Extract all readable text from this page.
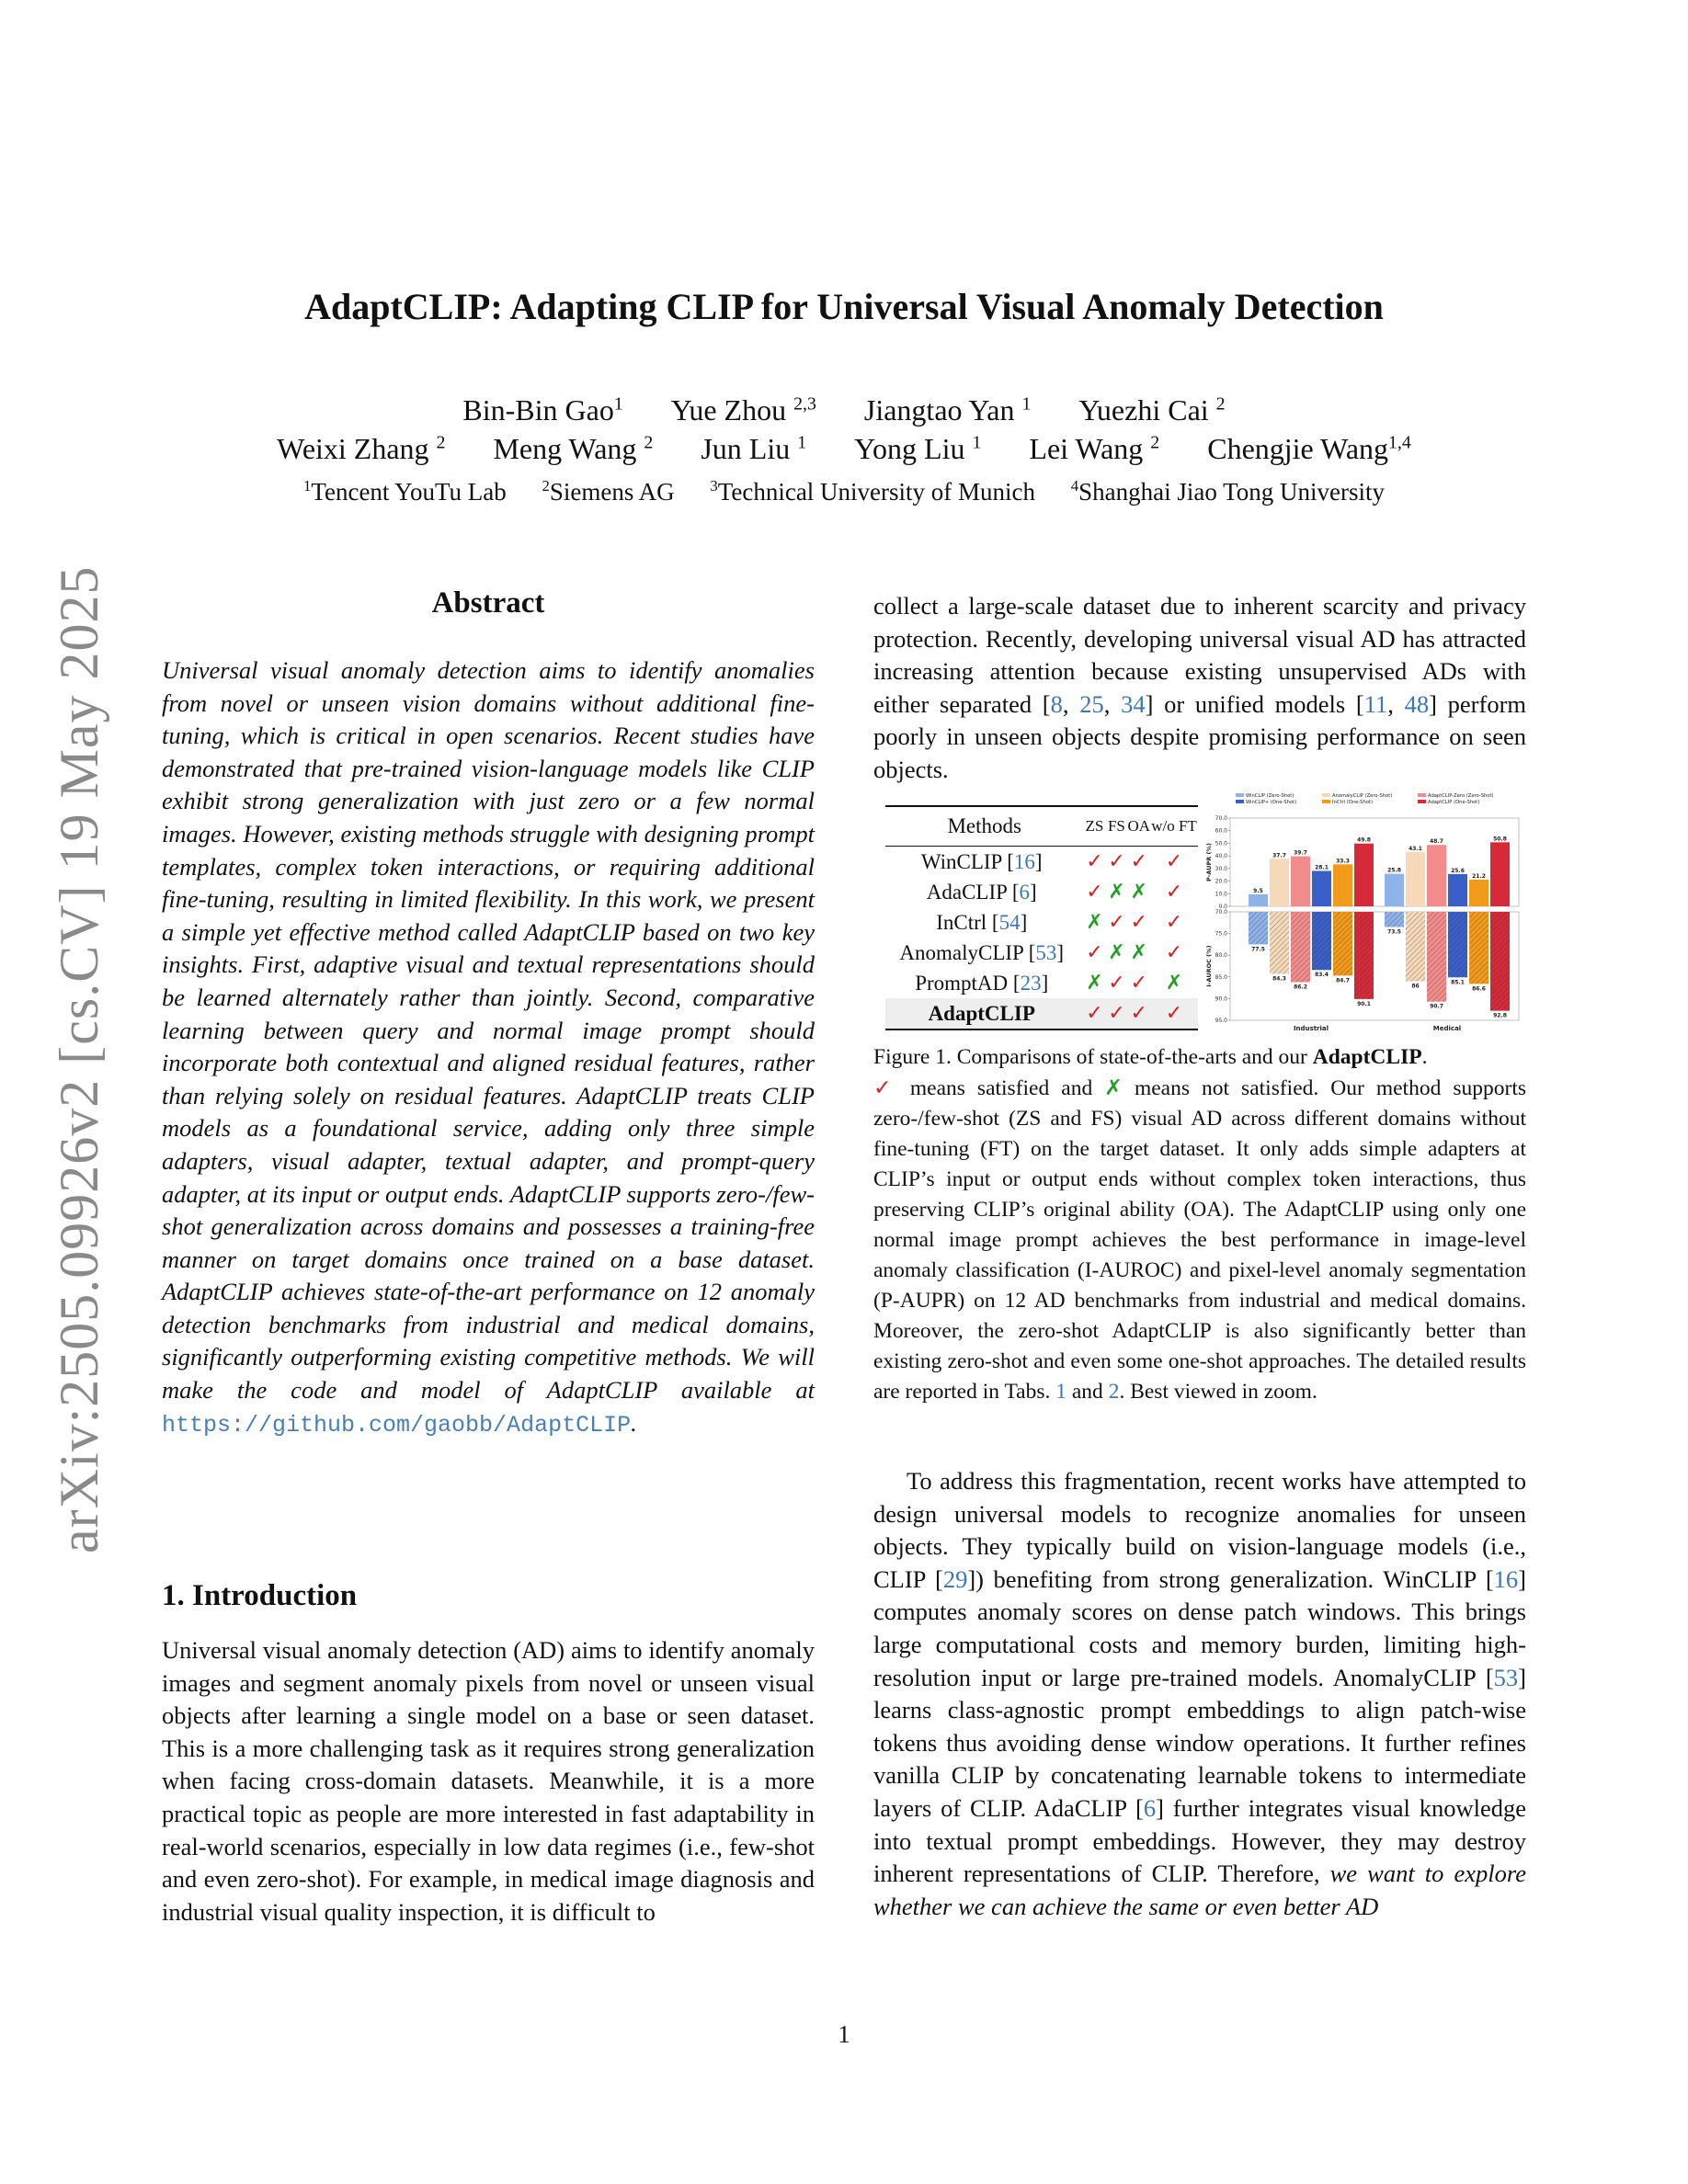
arXiv:2505.09926v2 [cs.CV] 19 May 2025
AdaptCLIP: Adapting CLIP for Universal Visual Anomaly Detection
Bin-Bin Gao$^1$ Yue Zhou $^{2,3}$ Jiangtao Yan $^1$ Yuezhi Cai $^2$
Weixi Zhang $^2$ Meng Wang $^2$ Jun Liu $^1$ Yong Liu $^1$ Lei Wang $^2$ Chengjie Wang$^{1,4}$
$^1$Tencent YouTu Lab $^2$Siemens AG $^3$Technical University of Munich $^4$Shanghai Jiao Tong University
Abstract

Universal visual anomaly detection aims to identify anomalies from novel or unseen vision domains without additional fine-tuning, which is critical in open scenarios. Recent studies have demonstrated that pre-trained vision-language models like CLIP exhibit strong generalization with just zero or a few normal images. However, existing methods struggle with designing prompt templates, complex token interactions, or requiring additional fine-tuning, resulting in limited flexibility. In this work, we present a simple yet effective method called AdaptCLIP based on two key insights. First, adaptive visual and textual representations should be learned alternately rather than jointly. Second, comparative learning between query and normal image prompt should incorporate both contextual and aligned residual features, rather than relying solely on residual features. AdaptCLIP treats CLIP models as a foundational service, adding only three simple adapters, visual adapter, textual adapter, and prompt-query adapter, at its input or output ends. AdaptCLIP supports zero-/few-shot generalization across domains and possesses a training-free manner on target domains once trained on a base dataset. AdaptCLIP achieves state-of-the-art performance on 12 anomaly detection benchmarks from industrial and medical domains, significantly outperforming existing competitive methods. We will make the code and model of AdaptCLIP available at https://github.com/gaobb/AdaptCLIP.

1. Introduction

Universal visual anomaly detection (AD) aims to identify anomaly images and segment anomaly pixels from novel or unseen visual objects after learning a single model on a base or seen dataset. This is a more challenging task as it requires strong generalization when facing cross-domain datasets. Meanwhile, it is a more practical topic as people are more interested in fast adaptability in real-world scenarios, especially in low data regimes (i.e., few-shot and even zero-shot). For example, in medical image diagnosis and industrial visual quality inspection, it is difficult to

collect a large-scale dataset due to inherent scarcity and privacy protection. Recently, developing universal visual AD has attracted increasing attention because existing unsupervised ADs with either separated [8, 25, 34] or unified models [11, 48] perform poorly in unseen objects despite promising performance on seen objects.

Methods	ZS	FS	OA	w/o FT
WinCLIP [16]	✓	✓	✓	✓
AdaCLIP [6]	✓	✗	✗	✓
InCtrl [54]	✗	✓	✓	✓
AnomalyCLIP [53]	✓	✗	✗	✓
PromptAD [23]	✗	✓	✓	✗
AdaptCLIP	✓	✓	✓	✓
WinCLIP (Zero-Shot)	AnomalyCLIP (Zero-Shot)	AdaptCLIP-Zero (Zero-Shot)
WinCLIP+ (One-Shot)	InCtrl (One-Shot)	AdaptCLIP (One-Shot)
0.0
10.0
20.0
30.0
40.0
50.0
60.0
70.0
P-AUPR (%)
70.0
75.0
80.0
85.0
90.0
95.0
I-AUROC (%)
9.5
37.7 39.7
28.1
33.3
49.8
77.5
84.3
86.2
83.4
84.7
90.1
Industrial
25.8
43.1
48.7
25.6
21.2
50.8
73.5
86
90.7
85.1
86.6
92.8
Medical

Figure 1. Comparisons of state-of-the-arts and our AdaptCLIP.
✓ means satisfied and ✗ means not satisfied. Our method supports zero-/few-shot (ZS and FS) visual AD across different domains without fine-tuning (FT) on the target dataset. It only adds simple adapters at CLIP’s input or output ends without complex token interactions, thus preserving CLIP’s original ability (OA). The AdaptCLIP using only one normal image prompt achieves the best performance in image-level anomaly classification (I-AUROC) and pixel-level anomaly segmentation (P-AUPR) on 12 AD benchmarks from industrial and medical domains. Moreover, the zero-shot AdaptCLIP is also significantly better than existing zero-shot and even some one-shot approaches. The detailed results are reported in Tabs. 1 and 2. Best viewed in zoom.

To address this fragmentation, recent works have attempted to design universal models to recognize anomalies for unseen objects. They typically build on vision-language models (i.e., CLIP [29]) benefiting from strong generalization. WinCLIP [16] computes anomaly scores on dense patch windows. This brings large computational costs and memory burden, limiting high-resolution input or large pre-trained models. AnomalyCLIP [53] learns class-agnostic prompt embeddings to align patch-wise tokens thus avoiding dense window operations. It further refines vanilla CLIP by concatenating learnable tokens to intermediate layers of CLIP. AdaCLIP [6] further integrates visual knowledge into textual prompt embeddings. However, they may destroy inherent representations of CLIP. Therefore, we want to explore whether we can achieve the same or even better AD

1
